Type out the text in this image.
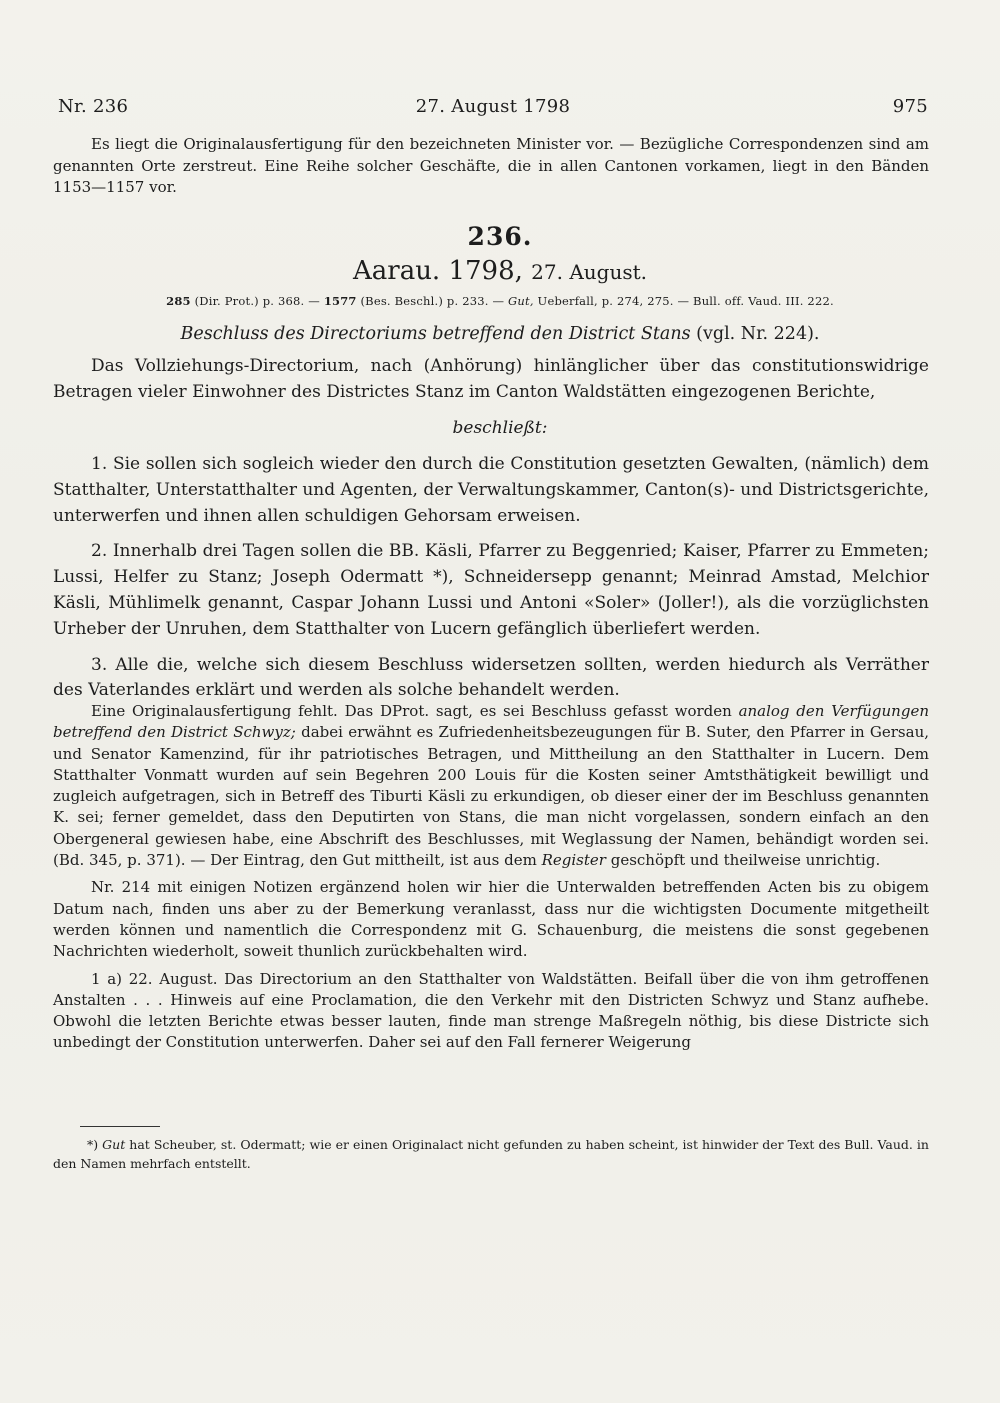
Nr. 236	27. August 1798	975

Es liegt die Originalausfertigung für den bezeichneten Minister vor. — Bezügliche Correspondenzen sind am genannten Orte zerstreut. Eine Reihe solcher Geschäfte, die in allen Cantonen vorkamen, liegt in den Bänden 1153—1157 vor.

236.
Aarau. 1798, 27. August.
285 (Dir. Prot.) p. 368. — 1577 (Bes. Beschl.) p. 233. — Gut, Ueberfall, p. 274, 275. — Bull. off. Vaud. III. 222.
Beschluss des Directoriums betreffend den District Stans (vgl. Nr. 224).

Das Vollziehungs-Directorium, nach (Anhörung) hinlänglicher über das constitutionswidrige Betragen vieler Einwohner des Districtes Stanz im Canton Waldstätten eingezogenen Berichte,

beschließt:

1. Sie sollen sich sogleich wieder den durch die Constitution gesetzten Gewalten, (nämlich) dem Statthalter, Unterstatthalter und Agenten, der Verwaltungskammer, Canton(s)- und Districtsgerichte, unterwerfen und ihnen allen schuldigen Gehorsam erweisen.

2. Innerhalb drei Tagen sollen die BB. Käsli, Pfarrer zu Beggenried; Kaiser, Pfarrer zu Emmeten; Lussi, Helfer zu Stanz; Joseph Odermatt *), Schneidersepp genannt; Meinrad Amstad, Melchior Käsli, Mühlimelk genannt, Caspar Johann Lussi und Antoni «Soler» (Joller!), als die vorzüglichsten Urheber der Unruhen, dem Statthalter von Lucern gefänglich überliefert werden.

3. Alle die, welche sich diesem Beschluss widersetzen sollten, werden hiedurch als Verräther des Vaterlandes erklärt und werden als solche behandelt werden.

Eine Originalausfertigung fehlt. Das DProt. sagt, es sei Beschluss gefasst worden analog den Verfügungen betreffend den District Schwyz; dabei erwähnt es Zufriedenheitsbezeugungen für B. Suter, den Pfarrer in Gersau, und Senator Kamenzind, für ihr patriotisches Betragen, und Mittheilung an den Statthalter in Lucern. Dem Statthalter Vonmatt wurden auf sein Begehren 200 Louis für die Kosten seiner Amtsthätigkeit bewilligt und zugleich aufgetragen, sich in Betreff des Tiburti Käsli zu erkundigen, ob dieser einer der im Beschluss genannten K. sei; ferner gemeldet, dass den Deputirten von Stans, die man nicht vorgelassen, sondern einfach an den Obergeneral gewiesen habe, eine Abschrift des Beschlusses, mit Weglassung der Namen, behändigt worden sei. (Bd. 345, p. 371). — Der Eintrag, den Gut mittheilt, ist aus dem Register geschöpft und theilweise unrichtig.

Nr. 214 mit einigen Notizen ergänzend holen wir hier die Unterwalden betreffenden Acten bis zu obigem Datum nach, finden uns aber zu der Bemerkung veranlasst, dass nur die wichtigsten Documente mitgetheilt werden können und namentlich die Correspondenz mit G. Schauenburg, die meistens die sonst gegebenen Nachrichten wiederholt, soweit thunlich zurückbehalten wird.

1 a) 22. August. Das Directorium an den Statthalter von Waldstätten. Beifall über die von ihm getroffenen Anstalten . . . Hinweis auf eine Proclamation, die den Verkehr mit den Districten Schwyz und Stanz aufhebe. Obwohl die letzten Berichte etwas besser lauten, finde man strenge Maßregeln nöthig, bis diese Districte sich unbedingt der Constitution unterwerfen. Daher sei auf den Fall fernerer Weigerung

*) Gut hat Scheuber, st. Odermatt; wie er einen Originalact nicht gefunden zu haben scheint, ist hinwider der Text des Bull. Vaud. in den Namen mehrfach entstellt.
